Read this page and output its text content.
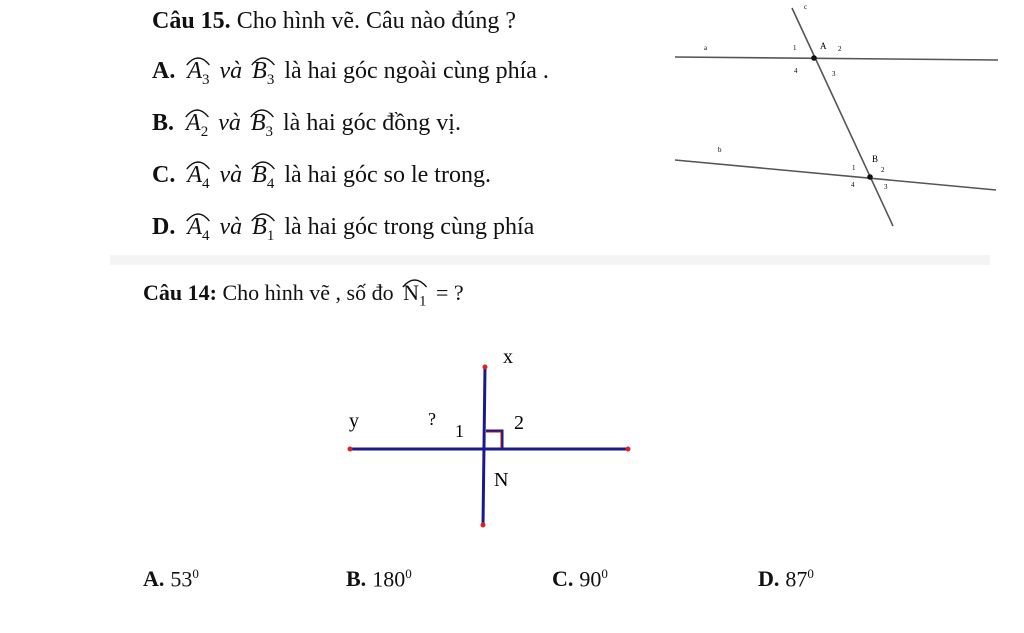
Câu 15. Cho hình vẽ. Câu nào đúng ?
A. $A_3$ và $B_3$ là hai góc ngoài cùng phía .
B. $A_2$ và $B_3$ là hai góc đồng vị.
C. $A_4$ và $B_4$ là hai góc so le trong.
D. $A_4$ và $B_1$ là hai góc trong cùng phía
c
a
b
A
1	2
4	3
B
1	2
4	3
Câu 14: Cho hình vẽ , số đo $N_1$ = ?
x
y	?
1	2
N
A. $53^0$	B. $180^0$	C. $90^0$	D. $87^0$
